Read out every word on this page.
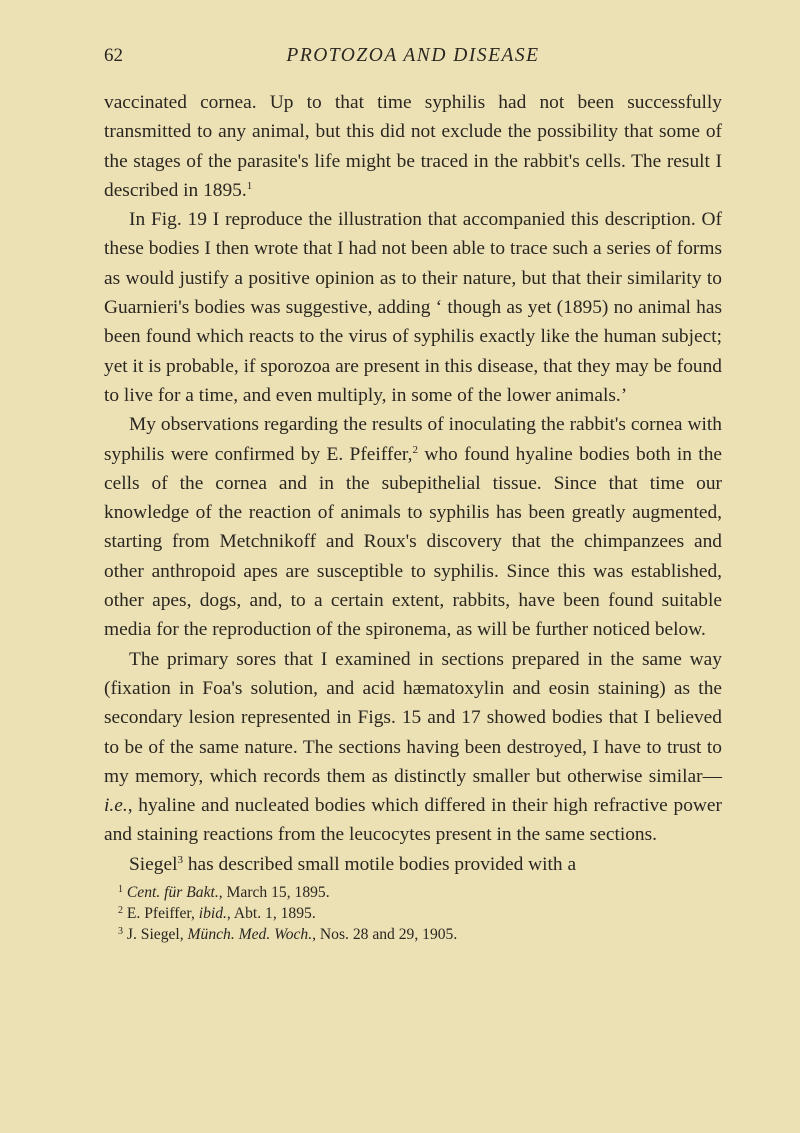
62	PROTOZOA AND DISEASE

vaccinated cornea. Up to that time syphilis had not been successfully transmitted to any animal, but this did not exclude the possibility that some of the stages of the parasite's life might be traced in the rabbit's cells. The result I described in 1895.$^1$

In Fig. 19 I reproduce the illustration that accompanied this description. Of these bodies I then wrote that I had not been able to trace such a series of forms as would justify a positive opinion as to their nature, but that their similarity to Guarnieri's bodies was suggestive, adding ‘ though as yet (1895) no animal has been found which reacts to the virus of syphilis exactly like the human subject; yet it is probable, if sporozoa are present in this disease, that they may be found to live for a time, and even multiply, in some of the lower animals.’

My observations regarding the results of inoculating the rabbit's cornea with syphilis were confirmed by E. Pfeiffer,$^2$ who found hyaline bodies both in the cells of the cornea and in the subepithelial tissue. Since that time our knowledge of the reaction of animals to syphilis has been greatly augmented, starting from Metchnikoff and Roux's discovery that the chimpanzees and other anthropoid apes are susceptible to syphilis. Since this was established, other apes, dogs, and, to a certain extent, rabbits, have been found suitable media for the reproduction of the spironema, as will be further noticed below.

The primary sores that I examined in sections prepared in the same way (fixation in Foa's solution, and acid hæmatoxylin and eosin staining) as the secondary lesion represented in Figs. 15 and 17 showed bodies that I believed to be of the same nature. The sections having been destroyed, I have to trust to my memory, which records them as distinctly smaller but otherwise similar—i.e., hyaline and nucleated bodies which differed in their high refractive power and staining reactions from the leucocytes present in the same sections.

Siegel$^3$ has described small motile bodies provided with a

$^1$ Cent. für Bakt., March 15, 1895.
$^2$ E. Pfeiffer, ibid., Abt. 1, 1895.
$^3$ J. Siegel, Münch. Med. Woch., Nos. 28 and 29, 1905.
